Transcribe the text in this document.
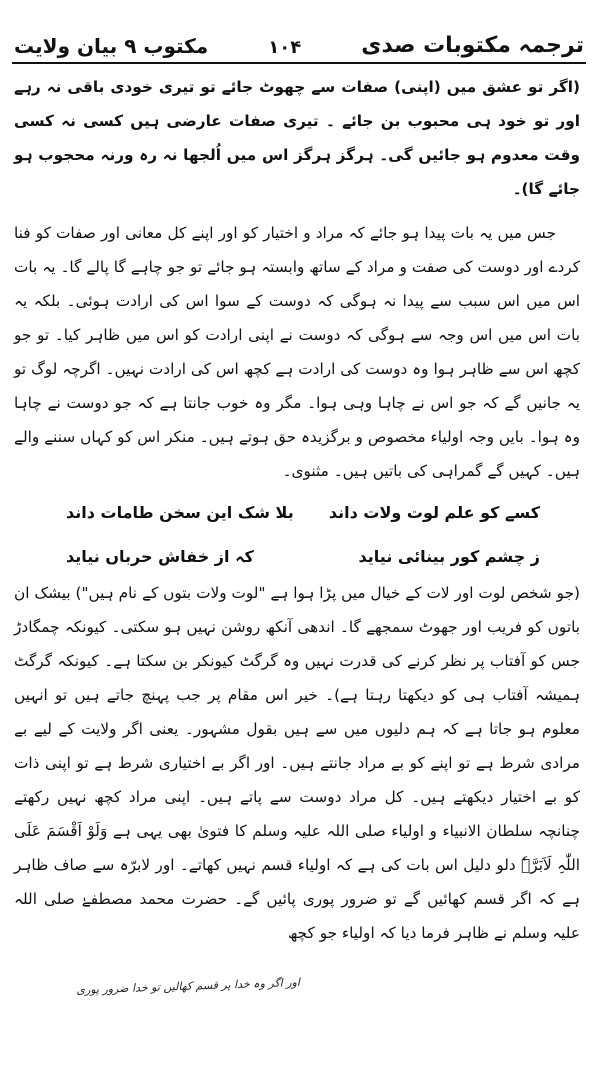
ترجمہ مکتوبات صدی
۱۰۴
مکتوب ۹ بیان ولایت

(اگر تو عشق میں (اپنی) صفات سے چھوٹ جائے تو تیری خودی باقی نہ رہے اور تو خود ہی محبوب بن جائے ۔ تیری صفات عارضی ہیں کسی نہ کسی وقت معدوم ہو جائیں گی۔ ہرگز ہرگز اس میں اُلجھا نہ رہ ورنہ محجوب ہو جائے گا)۔

جس میں یہ بات پیدا ہو جائے کہ مراد و اختیار کو اور اپنے کل معانی اور صفات کو فنا کردے اور دوست کی صفت و مراد کے ساتھ وابستہ ہو جائے تو جو چاہے گا پالے گا۔ یہ بات اس میں اس سبب سے پیدا نہ ہوگی کہ دوست کے سوا اس کی ارادت ہوئی۔ بلکہ یہ بات اس میں اس وجہ سے ہوگی کہ دوست نے اپنی ارادت کو اس میں ظاہر کیا۔ تو جو کچھ اس سے ظاہر ہوا وہ دوست کی ارادت ہے کچھ اس کی ارادت نہیں۔ اگرچہ لوگ تو یہ جانیں گے کہ جو اس نے چاہا وہی ہوا۔ مگر وہ خوب جانتا ہے کہ جو دوست نے چاہا وہ ہوا۔ بایں وجہ اولیاء مخصوص و برگزیدہ حق ہوتے ہیں۔ منکر اس کو کہاں سننے والے ہیں۔ کہیں گے گمراہی کی باتیں ہیں۔ مثنوی۔

کسے کو علم لوت ولات داند
بلا شک این سخن طامات داند
ز چشم کور بینائی نیاید
کہ از خفاش حرباں نیاید

(جو شخص لوت اور لات کے خیال میں پڑا ہوا ہے "لوت ولات بتوں کے نام ہیں") بیشک ان باتوں کو فریب اور جھوٹ سمجھے گا۔ اندھی آنکھ روشن نہیں ہو سکتی۔ کیونکہ چمگادڑ جس کو آفتاب پر نظر کرنے کی قدرت نہیں وہ گرگٹ کیونکر بن سکتا ہے۔ کیونکہ گرگٹ ہمیشہ آفتاب ہی کو دیکھتا رہتا ہے)۔ خیر اس مقام پر جب پہنچ جاتے ہیں تو انہیں معلوم ہو جاتا ہے کہ ہم دلیوں میں سے ہیں بقول مشہور۔ یعنی اگر ولایت کے لیے بے مرادی شرط ہے تو اپنے کو بے مراد جانتے ہیں۔ اور اگر بے اختیاری شرط ہے تو اپنی ذات کو بے اختیار دیکھتے ہیں۔ کل مراد دوست سے پاتے ہیں۔ اپنی مراد کچھ نہیں رکھتے چنانچہ سلطان الانبیاء و اولیاء صلی اللہ علیہ وسلم کا فتویٰ بھی یہی ہے وَلَوْ اَقْسَمَ عَلَی اللّٰہِ لَاَبَرَّہٗ دلو دلیل اس بات کی ہے کہ اولیاء قسم نہیں کھاتے۔ اور لابرّہ سے صاف ظاہر ہے کہ اگر قسم کھائیں گے تو ضرور پوری پائیں گے۔ حضرت محمد مصطفےٰ صلی اللہ علیہ وسلم نے ظاہر فرما دیا کہ اولیاء جو کچھ

اور اگر وہ خدا پر قسم کھالیں تو خدا ضرور پوری
